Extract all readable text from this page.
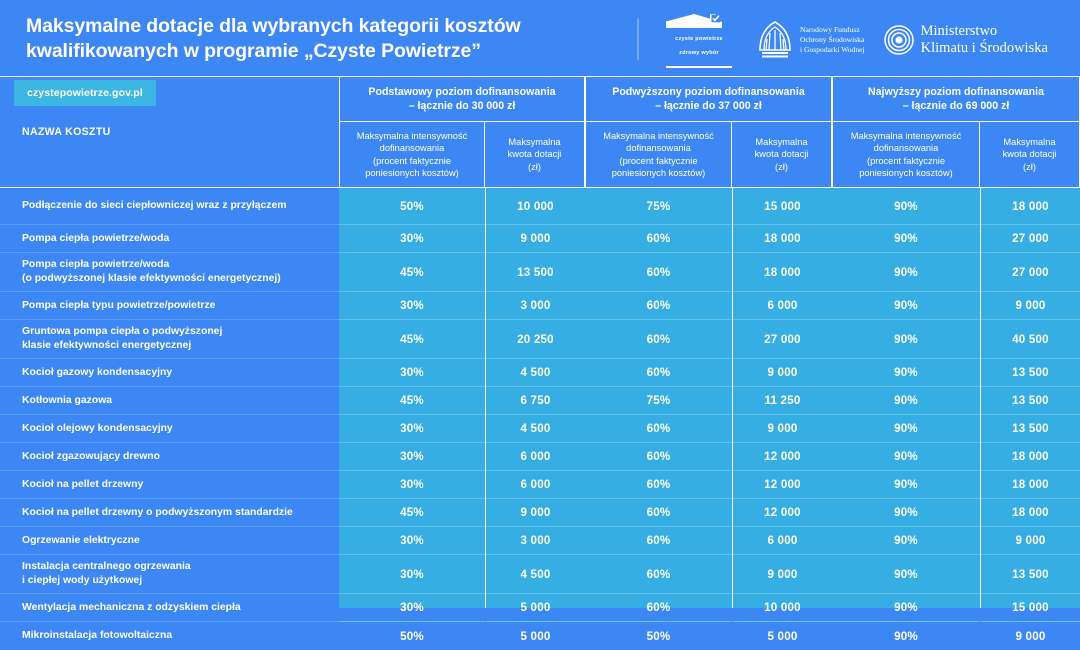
Maksymalne dotacje dla wybranych kategorii kosztów kwalifikowanych w programie „Czyste Powietrze”
czyste powietrze
zdrowy wybór
Narodowy Fundusz
Ochrony Środowiska
i Gospodarki Wodnej
Ministerstwo
Klimatu i Środowiska
czystepowietrze.gov.pl	Podstawowy poziom dofinansowania
– łącznie do 30 000 zł
Podwyższony poziom dofinansowania
– łącznie do 37 000 zł
Najwyższy poziom dofinansowania
– łącznie do 69 000 zł
Maksymalna intensywność
dofinansowania
(procent faktycznie
poniesionych kosztów)
Maksymalna
kwota dotacji
(zł)
Maksymalna intensywność
dofinansowania
(procent faktycznie
poniesionych kosztów)
Maksymalna
kwota dotacji
(zł)
Maksymalna intensywność
dofinansowania
(procent faktycznie
poniesionych kosztów)
Maksymalna
kwota dotacji
(zł)
NAZWA KOSZTU
Podłączenie do sieci ciepłowniczej wraz z przyłączem
Pompa ciepła powietrze/woda
Pompa ciepła powietrze/woda
(o podwyższonej klasie efektywności energetycznej)
Pompa ciepła typu powietrze/powietrze
Gruntowa pompa ciepła o podwyższonej
klasie efektywności energetycznej
Kocioł gazowy kondensacyjny
Kotłownia gazowa
Kocioł olejowy kondensacyjny
Kocioł zgazowujący drewno
Kocioł na pellet drzewny
Kocioł na pellet drzewny o podwyższonym standardzie
Ogrzewanie elektryczne
Instalacja centralnego ogrzewania
i ciepłej wody użytkowej
Wentylacja mechaniczna z odzyskiem ciepła
Mikroinstalacja fotowoltaiczna
50%
30%
45%
30%
45%
30%
45%
30%
30%
30%
45%
30%
30%
30%
50%
10 000
9 000
13 500
3 000
20 250
4 500
6 750
4 500
6 000
6 000
9 000
3 000
4 500
5 000
5 000
75%
60%
60%
60%
60%
60%
75%
60%
60%
60%
60%
60%
60%
60%
50%
15 000
18 000
18 000
6 000
27 000
9 000
11 250
9 000
12 000
12 000
12 000
6 000
9 000
10 000
5 000
90%
90%
90%
90%
90%
90%
90%
90%
90%
90%
90%
90%
90%
90%
90%
18 000
27 000
27 000
9 000
40 500
13 500
13 500
13 500
18 000
18 000
18 000
9 000
13 500
15 000
9 000
